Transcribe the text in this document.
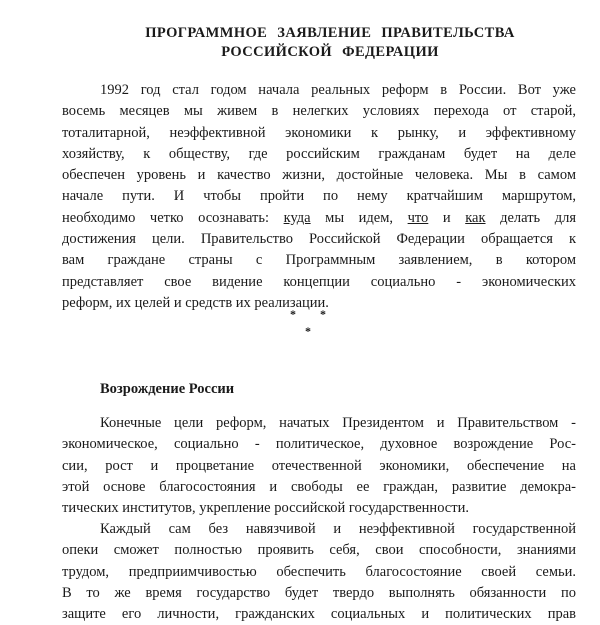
ПРОГРАММНОЕ ЗАЯВЛЕНИЕ ПРАВИТЕЛЬСТВА
РОССИЙСКОЙ ФЕДЕРАЦИИ
1992 год стал годом начала реальных реформ в России. Вот уже
восемь месяцев мы живем в нелегких условиях перехода от старой,
тоталитарной, неэффективной экономики к рынку, и эффективному
хозяйству, к обществу, где российским гражданам будет на деле
обеспечен уровень и качество жизни, достойные человека. Мы в самом
начале пути. И чтобы пройти по нему кратчайшим маршрутом,
необходимо четко осознавать: куда мы идем, что и как делать для
достижения цели. Правительство Российской Федерации обращается к
вам граждане страны с Программным заявлением, в котором
представляет свое видение концепции социально - экономических
реформ, их целей и средств их реализации.
* *
*
Возрождение России
Конечные цели реформ, начатых Президентом и Правительством -
экономическое, социально - политическое, духовное возрождение Рос-
сии, рост и процветание отечественной экономики, обеспечение на
этой основе благосостояния и свободы ее граждан, развитие демокра-
тических институтов, укрепление российской государственности.
Каждый сам без навязчивой и неэффективной государственной
опеки сможет полностью проявить себя, свои способности, знаниями
трудом, предприимчивостью обеспечить благосостояние своей семьи.
В то же время государство будет твердо выполнять обязанности по
защите его личности, гражданских социальных и политических прав
